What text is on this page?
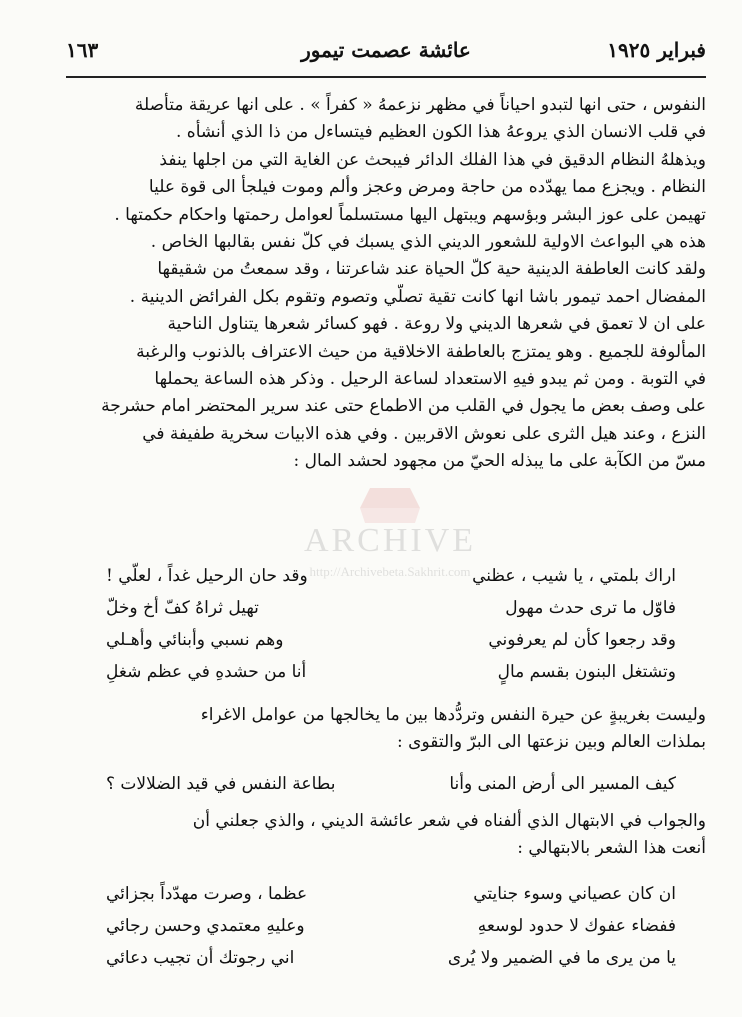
فبراير ١٩٢٥
عائشة عصمت تيمور
١٦٣
النفوس ، حتى انها لتبدو احياناً في مظهر نزعمهُ « كفراً » . على انها عريقة متأصلة
في قلب الانسان الذي يروعهُ هذا الكون العظيم فيتساءل من ذا الذي أنشأه .
ويذهلهُ النظام الدقيق في هذا الفلك الدائر فيبحث عن الغاية التي من اجلها ينفذ
النظام . ويجزع مما يهدّده من حاجة ومرض وعجز وألم وموت فيلجأ الى قوة عليا
تهيمن على عوز البشر وبؤسهم ويبتهل اليها مستسلماً لعوامل رحمتها واحكام حكمتها .
هذه هي البواعث الاولية للشعور الديني الذي يسبك في كلّ نفس بقالبها الخاص .
ولقد كانت العاطفة الدينية حية كلّ الحياة عند شاعرتنا ، وقد سمعتُ من شقيقها
المفضال احمد تيمور باشا انها كانت تقية تصلّي وتصوم وتقوم بكل الفرائض الدينية .
على ان لا تعمق في شعرها الديني ولا روعة . فهو كسائر شعرها يتناول الناحية
المألوفة للجميع . وهو يمتزج بالعاطفة الاخلاقية من حيث الاعتراف بالذنوب والرغبة
في التوبة . ومن ثم يبدو فيهِ الاستعداد لساعة الرحيل . وذكر هذه الساعة يحملها
على وصف بعض ما يجول في القلب من الاطماع حتى عند سرير المحتضر امام حشرجة
النزع ، وعند هيل الثرى على نعوش الاقربين . وفي هذه الابيات سخرية طفيفة في
مسّ من الكآبة على ما يبذله الحيّ من مجهود لحشد المال :
اراك بلمتي ، يا شيب ، عظني
وقد حان الرحيل غداً ، لعلّي !
فاوّل ما ترى حدث مهول
تهيل ثراهُ كفّ أخ وخلّ
وقد رجعوا كأن لم يعرفوني
وهم نسبي وأبنائي وأهـلي
وتشتغل البنون بقسم مالٍ
أنا من حشدهِ في عظم شغلِ
وليست بغريبةٍ عن حيرة النفس وتردُّدها بين ما يخالجها من عوامل الاغراء
بملذات العالم وبين نزعتها الى البرّ والتقوى :
كيف المسير الى أرض المنى وأنا
بطاعة النفس في قيد الضلالات ؟
والجواب في الابتهال الذي ألفناه في شعر عائشة الديني ، والذي جعلني أن
أنعت هذا الشعر بالابتهالي :
ان كان عصياني وسوء جنايتي
عظما ، وصرت مهدّداً بجزائي
ففضاء عفوك لا حدود لوسعهِ
وعليهِ معتمدي وحسن رجائي
يا من يرى ما في الضمير ولا يُرى
اني رجوتك أن تجيب دعائي
ARCHIVE
http://Archivebeta.Sakhrit.com
